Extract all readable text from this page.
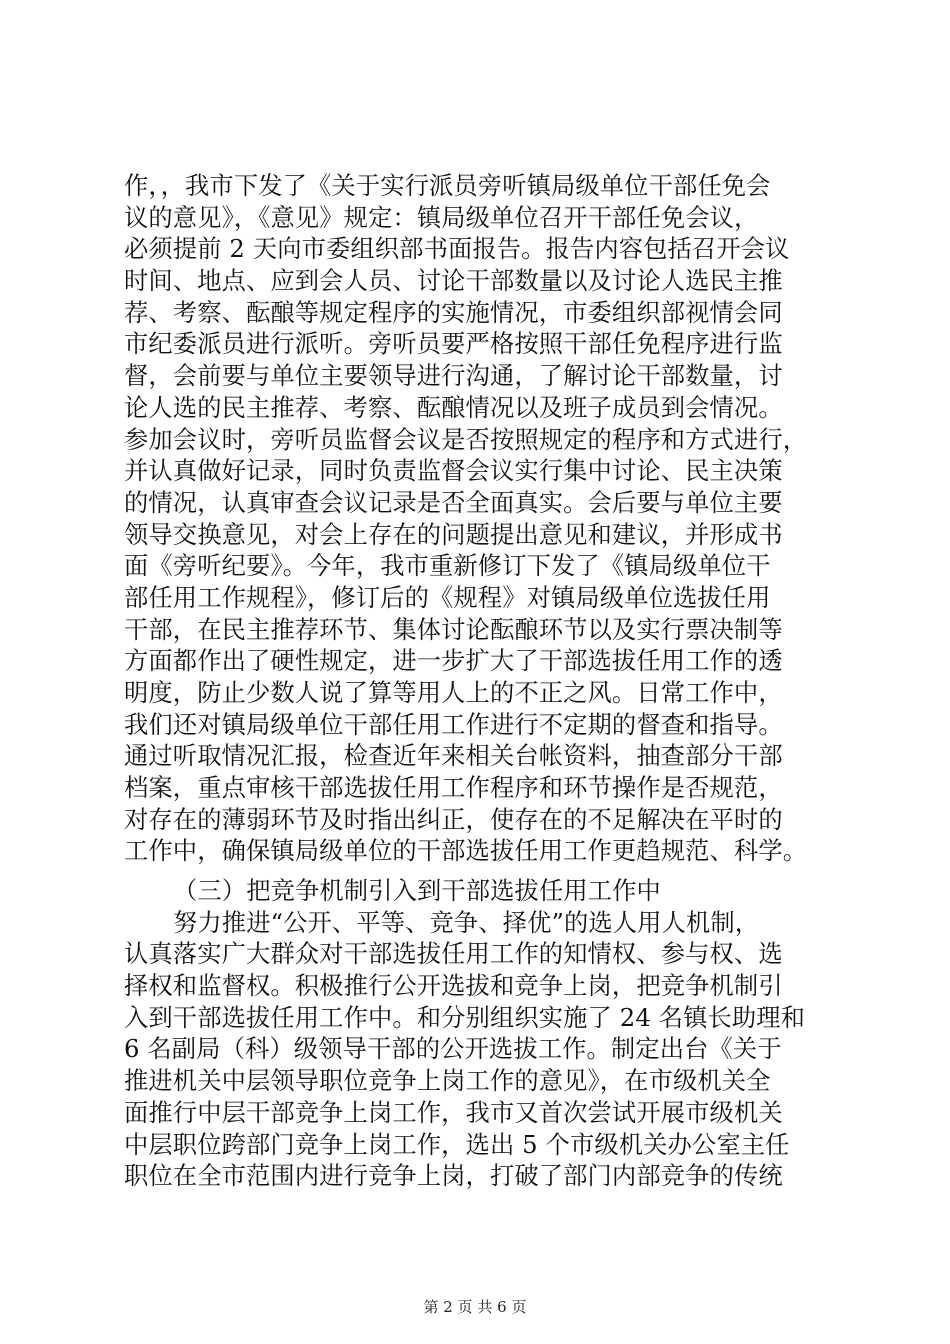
作，，我市下发了《关于实行派员旁听镇局级单位干部任免会
议的意见》，《意见》规定：镇局级单位召开干部任免会议，
必须提前 2 天向市委组织部书面报告。报告内容包括召开会议
时间、地点、应到会人员、讨论干部数量以及讨论人选民主推
荐、考察、酝酿等规定程序的实施情况，市委组织部视情会同
市纪委派员进行派听。旁听员要严格按照干部任免程序进行监
督，会前要与单位主要领导进行沟通，了解讨论干部数量，讨
论人选的民主推荐、考察、酝酿情况以及班子成员到会情况。
参加会议时，旁听员监督会议是否按照规定的程序和方式进行，
并认真做好记录，同时负责监督会议实行集中讨论、民主决策
的情况，认真审查会议记录是否全面真实。会后要与单位主要
领导交换意见，对会上存在的问题提出意见和建议，并形成书
面《旁听纪要》。今年，我市重新修订下发了《镇局级单位干
部任用工作规程》，修订后的《规程》对镇局级单位选拔任用
干部，在民主推荐环节、集体讨论酝酿环节以及实行票决制等
方面都作出了硬性规定，进一步扩大了干部选拔任用工作的透
明度，防止少数人说了算等用人上的不正之风。日常工作中，
我们还对镇局级单位干部任用工作进行不定期的督查和指导。
通过听取情况汇报，检查近年来相关台帐资料，抽查部分干部
档案，重点审核干部选拔任用工作程序和环节操作是否规范，
对存在的薄弱环节及时指出纠正，使存在的不足解决在平时的
工作中，确保镇局级单位的干部选拔任用工作更趋规范、科学。
（三）把竞争机制引入到干部选拔任用工作中
努力推进“公开、平等、竞争、择优”的选人用人机制，
认真落实广大群众对干部选拔任用工作的知情权、参与权、选
择权和监督权。积极推行公开选拔和竞争上岗，把竞争机制引
入到干部选拔任用工作中。和分别组织实施了 24 名镇长助理和
6 名副局（科）级领导干部的公开选拔工作。制定出台《关于
推进机关中层领导职位竞争上岗工作的意见》，在市级机关全
面推行中层干部竞争上岗工作，我市又首次尝试开展市级机关
中层职位跨部门竞争上岗工作，选出 5 个市级机关办公室主任
职位在全市范围内进行竞争上岗，打破了部门内部竞争的传统
第 2 页 共 6 页
